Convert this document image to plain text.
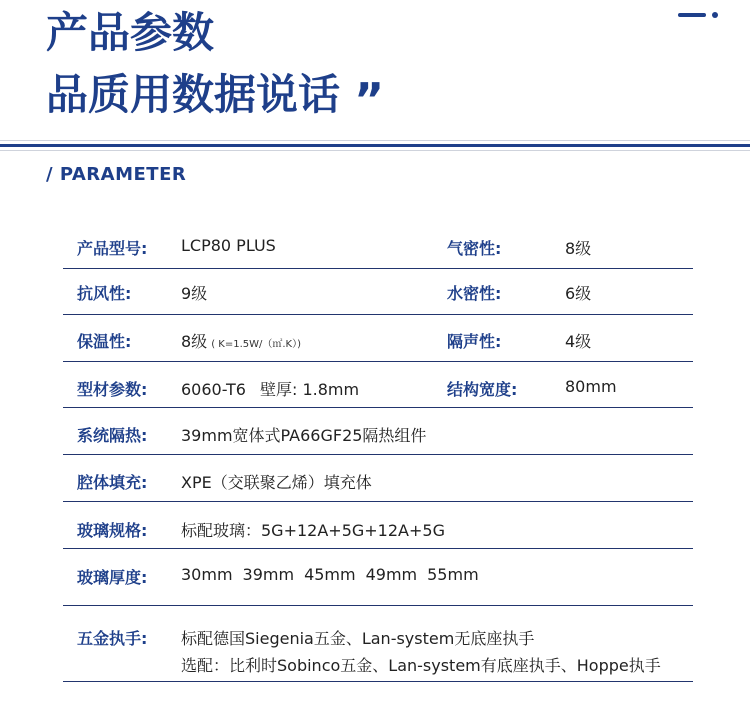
产品参数
品质用数据说话 ”
/ PARAMETER
产品型号: LCP80 PLUS	气密性:	8级
抗风性:	9级	水密性:	6级
保温性:	8级 ( K=1.5W/（㎡.K）)	隔声性:	4级
型材参数: 6060-T6 壁厚: 1.8mm	结构宽度:	80mm
系统隔热: 39mm宽体式PA66GF25隔热组件
腔体填充: XPE（交联聚乙烯）填充体
玻璃规格: 标配玻璃：5G+12A+5G+12A+5G
玻璃厚度: 30mm 39mm 45mm 49mm 55mm
五金执手: 标配德国Siegenia五金、Lan-system无底座执手
选配：比利时Sobinco五金、Lan-system有底座执手、Hoppe执手
